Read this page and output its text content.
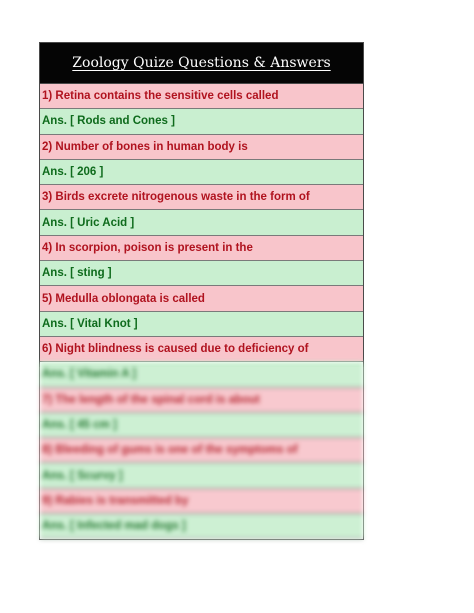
Zoology Quize Questions & Answers
1) Retina contains the sensitive cells called
Ans. [ Rods and Cones ]
2) Number of bones in human body is
Ans. [ 206 ]
3) Birds excrete nitrogenous waste in the form of
Ans. [ Uric Acid ]
4) In scorpion, poison is present in the
Ans. [ sting ]
5) Medulla oblongata is called
Ans. [ Vital Knot ]
6) Night blindness is caused due to deficiency of
Ans. [ Vitamin A ]
7) The length of the spinal cord is about
Ans. [ 45 cm ]
8) Bleeding of gums is one of the symptoms of
Ans. [ Scurvy ]
9) Rabies is transmitted by
Ans. [ Infected mad dogs ]
